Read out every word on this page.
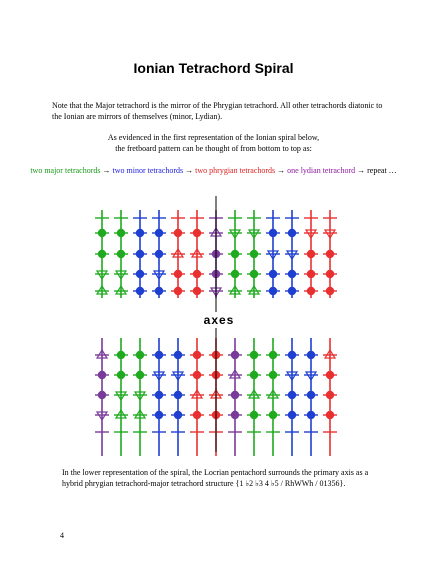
Ionian Tetrachord Spiral
Note that the Major tetrachord is the mirror of the Phrygian tetrachord. All other tetrachords diatonic to the Ionian are mirrors of themselves (minor, Lydian).
As evidenced in the first representation of the Ionian spiral below,
the fretboard pattern can be thought of from bottom to top as:
two major tetrachords → two minor tetrachords → two phrygian tetrachords → one lydian tetrachord → repeat …
axes
In the lower representation of the spiral, the Locrian pentachord surrounds the primary axis as a hybrid phrygian tetrachord-major tetrachord structure {1 ♭2 ♭3 4 ♭5 / RhWWh / 01356}.
4
